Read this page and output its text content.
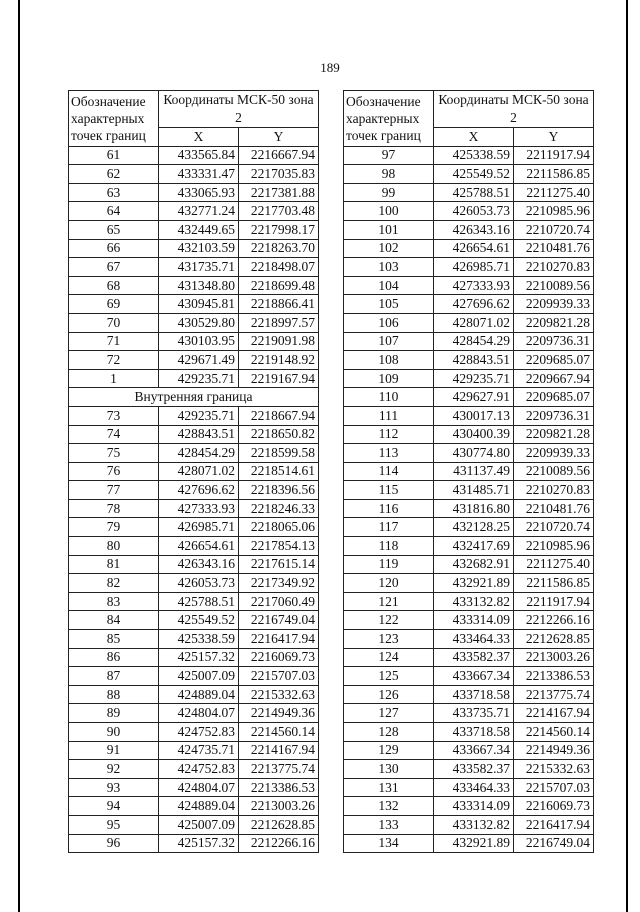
189
Обозначение характерных точек границ	Координаты МСК-50 зона 2	
	X	Y
61	433565.84	2216667.94
62	433331.47	2217035.83
63	433065.93	2217381.88
64	432771.24	2217703.48
65	432449.65	2217998.17
66	432103.59	2218263.70
67	431735.71	2218498.07
68	431348.80	2218699.48
69	430945.81	2218866.41
70	430529.80	2218997.57
71	430103.95	2219091.98
72	429671.49	2219148.92
1	429235.71	2219167.94
Внутренняя граница		
73	429235.71	2218667.94
74	428843.51	2218650.82
75	428454.29	2218599.58
76	428071.02	2218514.61
77	427696.62	2218396.56
78	427333.93	2218246.33
79	426985.71	2218065.06
80	426654.61	2217854.13
81	426343.16	2217615.14
82	426053.73	2217349.92
83	425788.51	2217060.49
84	425549.52	2216749.04
85	425338.59	2216417.94
86	425157.32	2216069.73
87	425007.09	2215707.03
88	424889.04	2215332.63
89	424804.07	2214949.36
90	424752.83	2214560.14
91	424735.71	2214167.94
92	424752.83	2213775.74
93	424804.07	2213386.53
94	424889.04	2213003.26
95	425007.09	2212628.85
96	425157.32	2212266.16
Обозначение характерных точек границ	Координаты МСК-50 зона 2	
	X	Y
97	425338.59	2211917.94
98	425549.52	2211586.85
99	425788.51	2211275.40
100	426053.73	2210985.96
101	426343.16	2210720.74
102	426654.61	2210481.76
103	426985.71	2210270.83
104	427333.93	2210089.56
105	427696.62	2209939.33
106	428071.02	2209821.28
107	428454.29	2209736.31
108	428843.51	2209685.07
109	429235.71	2209667.94
110	429627.91	2209685.07
111	430017.13	2209736.31
112	430400.39	2209821.28
113	430774.80	2209939.33
114	431137.49	2210089.56
115	431485.71	2210270.83
116	431816.80	2210481.76
117	432128.25	2210720.74
118	432417.69	2210985.96
119	432682.91	2211275.40
120	432921.89	2211586.85
121	433132.82	2211917.94
122	433314.09	2212266.16
123	433464.33	2212628.85
124	433582.37	2213003.26
125	433667.34	2213386.53
126	433718.58	2213775.74
127	433735.71	2214167.94
128	433718.58	2214560.14
129	433667.34	2214949.36
130	433582.37	2215332.63
131	433464.33	2215707.03
132	433314.09	2216069.73
133	433132.82	2216417.94
134	432921.89	2216749.04
